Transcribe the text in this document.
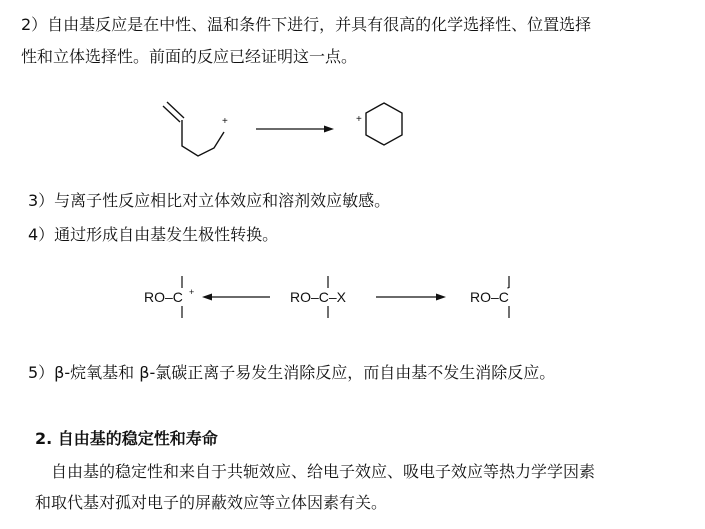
2）自由基反应是在中性、温和条件下进行，并具有很高的化学选择性、位置选择
性和立体选择性。前面的反应已经证明这一点。
+	+
3）与离子性反应相比对立体效应和溶剂效应敏感。
4）通过形成自由基发生极性转换。
RO–C +	RO–C–X	RO–C
·
5）β-烷氧基和 β-氯碳正离子易发生消除反应，而自由基不发生消除反应。
2. 自由基的稳定性和寿命
自由基的稳定性和来自于共轭效应、给电子效应、吸电子效应等热力学学因素
和取代基对孤对电子的屏蔽效应等立体因素有关。
